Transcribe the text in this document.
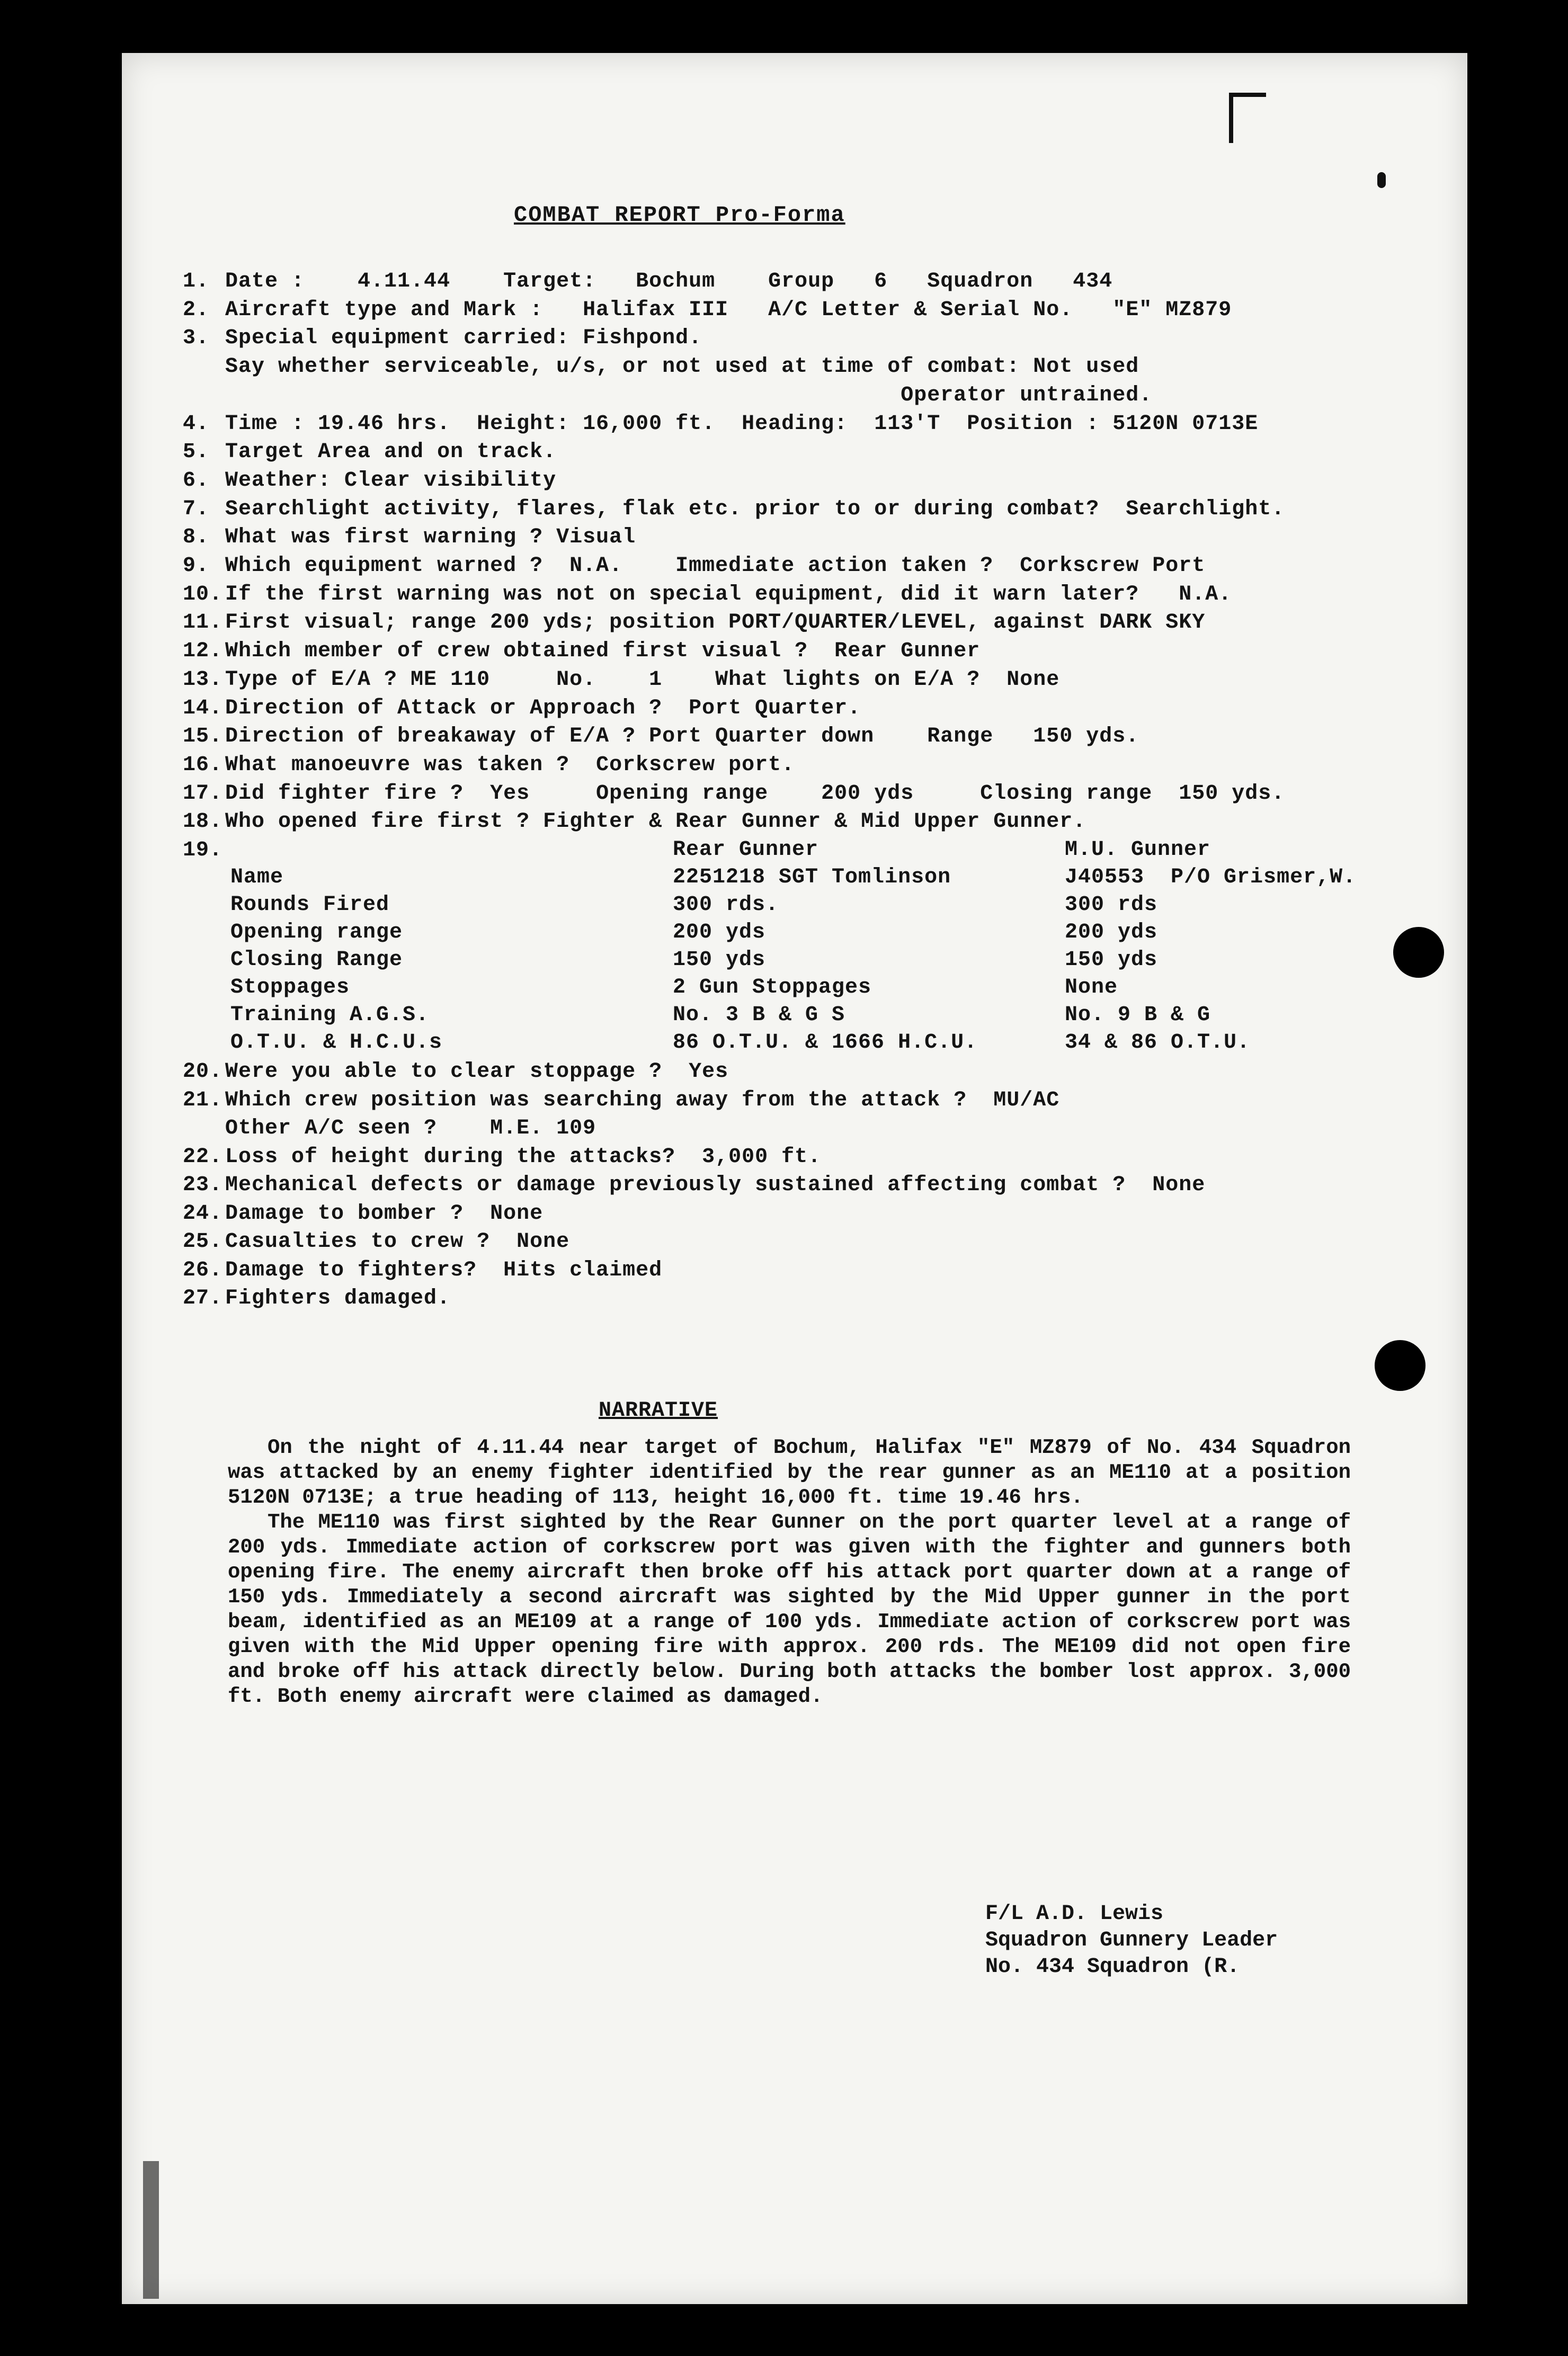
COMBAT REPORT Pro-Forma
1. Date :    4.11.44    Target:   Bochum    Group   6   Squadron   434
2. Aircraft type and Mark :   Halifax III   A/C Letter & Serial No.   "E" MZ879
3. Special equipment carried: Fishpond.
Say whether serviceable, u/s, or not used at time of combat: Not used
Operator untrained.
4. Time : 19.46 hrs.  Height: 16,000 ft.  Heading:  113'T  Position : 5120N 0713E
5. Target Area and on track.
6. Weather: Clear visibility
7. Searchlight activity, flares, flak etc. prior to or during combat?  Searchlight.
8. What was first warning ? Visual
9. Which equipment warned ?  N.A.    Immediate action taken ?  Corkscrew Port
10. If the first warning was not on special equipment, did it warn later?   N.A.
11. First visual; range 200 yds; position PORT/QUARTER/LEVEL, against DARK SKY
12. Which member of crew obtained first visual ?  Rear Gunner
13. Type of E/A ? ME 110     No.    1    What lights on E/A ?  None
14. Direction of Attack or Approach ?  Port Quarter.
15. Direction of breakaway of E/A ? Port Quarter down    Range   150 yds.
16. What manoeuvre was taken ?  Corkscrew port.
17. Did fighter fire ?  Yes     Opening range    200 yds     Closing range  150 yds.
18. Who opened fire first ? Fighter & Rear Gunner & Mid Upper Gunner.
19.	Rear Gunner	M.U. Gunner
Name	2251218 SGT Tomlinson	J40553  P/O Grismer,W.
Rounds Fired	300 rds.	300 rds
Opening range	200 yds	200 yds
Closing Range	150 yds	150 yds
Stoppages	2 Gun Stoppages	None
Training A.G.S.	No. 3 B & G S	No. 9 B & G
O.T.U. & H.C.U.s	86 O.T.U. & 1666 H.C.U.	34 & 86 O.T.U.
20. Were you able to clear stoppage ?  Yes
21. Which crew position was searching away from the attack ?  MU/AC
Other A/C seen ?    M.E. 109
22. Loss of height during the attacks?  3,000 ft.
23. Mechanical defects or damage previously sustained affecting combat ?  None
24. Damage to bomber ?  None
25. Casualties to crew ?  None
26. Damage to fighters?  Hits claimed
27. Fighters damaged.
NARRATIVE

On the night of 4.11.44 near target of Bochum, Halifax "E" MZ879 of No. 434 Squadron was attacked by an enemy fighter identified by the rear gunner as an ME110 at a position 5120N 0713E; a true heading of 113, height 16,000 ft. time 19.46 hrs.

The ME110 was first sighted by the Rear Gunner on the port quarter level at a range of 200 yds. Immediate action of corkscrew port was given with the fighter and gunners both opening fire. The enemy aircraft then broke off his attack port quarter down at a range of 150 yds. Immediately a second aircraft was sighted by the Mid Upper gunner in the port beam, identified as an ME109 at a range of 100 yds. Immediate action of corkscrew port was given with the Mid Upper opening fire with approx. 200 rds. The ME109 did not open fire and broke off his attack directly below. During both attacks the bomber lost approx. 3,000 ft. Both enemy aircraft were claimed as damaged.

F/L A.D. Lewis
Squadron Gunnery Leader
No. 434 Squadron (R.
